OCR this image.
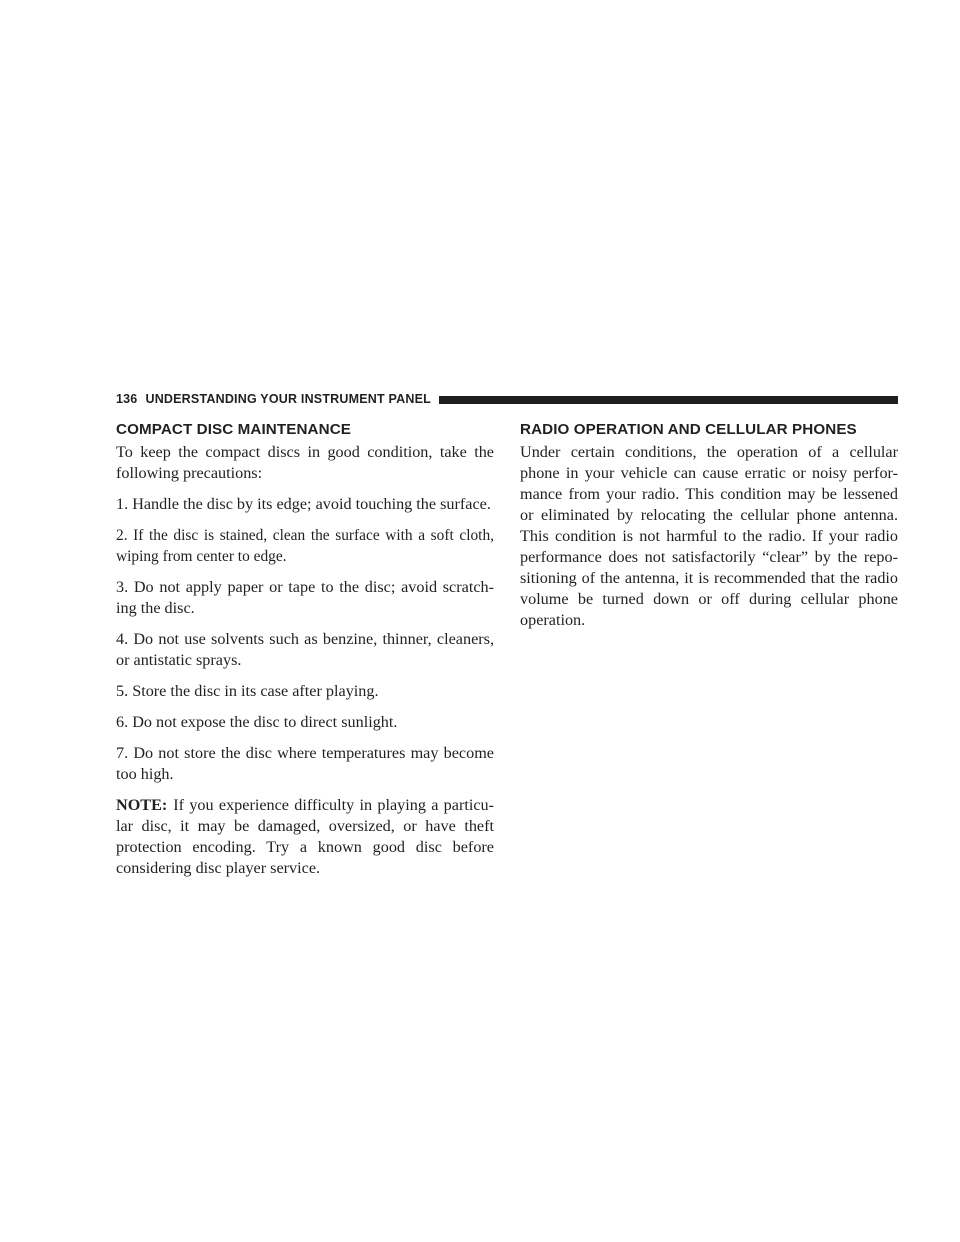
136 UNDERSTANDING YOUR INSTRUMENT PANEL
COMPACT DISC MAINTENANCE

To keep the compact discs in good condition, take the following precautions:

1. Handle the disc by its edge; avoid touching the surface.

2. If the disc is stained, clean the surface with a soft cloth, wiping from center to edge.

3. Do not apply paper or tape to the disc; avoid scratch-ing the disc.

4. Do not use solvents such as benzine, thinner, cleaners, or antistatic sprays.

5. Store the disc in its case after playing.

6. Do not expose the disc to direct sunlight.

7. Do not store the disc where temperatures may become too high.

NOTE: If you experience difficulty in playing a particu-lar disc, it may be damaged, oversized, or have theft protection encoding. Try a known good disc before considering disc player service.

RADIO OPERATION AND CELLULAR PHONES

Under certain conditions, the operation of a cellular phone in your vehicle can cause erratic or noisy perfor-mance from your radio. This condition may be lessened or eliminated by relocating the cellular phone antenna. This condition is not harmful to the radio. If your radio performance does not satisfactorily “clear” by the repo-sitioning of the antenna, it is recommended that the radio volume be turned down or off during cellular phone operation.
